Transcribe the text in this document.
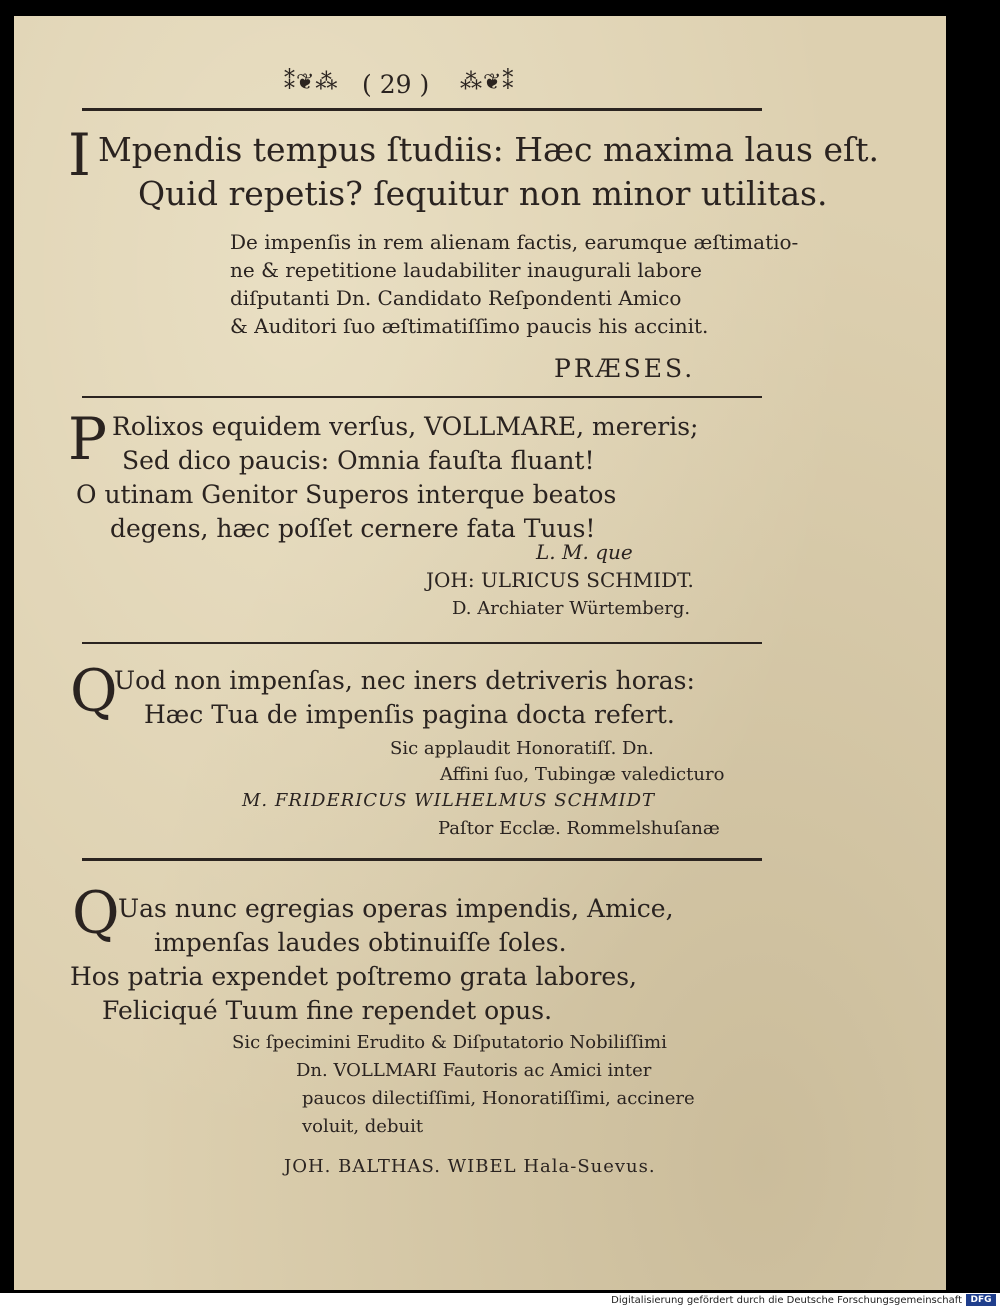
⁑❦⁂ ( 29 ) ⁂❦⁑
I Mpendis tempus ſtudiis: Hæc maxima laus eſt.
Quid repetis? ſequitur non minor utilitas.
De impenſis in rem alienam factis, earumque æſtimatio-
ne & repetitione laudabiliter inaugurali labore
diſputanti Dn. Candidato Reſpondenti Amico
& Auditori ſuo æſtimatiſſimo paucis his accinit.
PRÆSES.
P Rolixos equidem verſus, VOLLMARE, mereris;
Sed dico paucis: Omnia fauſta fluant!
O utinam Genitor Superos interque beatos
degens, hæc poſſet cernere fata Tuus!
L. M. que
JOH: ULRICUS SCHMIDT.
D. Archiater Würtemberg.
Q
Uod non impenſas, nec iners detriveris horas:
Hæc Tua de impenſis pagina docta refert.
Sic applaudit Honoratiſſ. Dn.
Affini ſuo, Tubingæ valedicturo
M. FRIDERICUS WILHELMUS SCHMIDT
Paſtor Ecclæ. Rommelshuſanæ
Q
Uas nunc egregias operas impendis, Amice,
impenſas laudes obtinuiſſe ſoles.
Hos patria expendet poſtremo grata labores,
Feliciqué Tuum fine rependet opus.
Sic ſpecimini Erudito & Diſputatorio Nobiliſſimi
Dn. VOLLMARI Fautoris ac Amici inter
paucos dilectiſſimi, Honoratiſſimi, accinere
voluit, debuit
JOH. BALTHAS. WIBEL Hala-Suevus.
Digitalisierung gefördert durch die Deutsche Forschungsgemeinschaft DFG
